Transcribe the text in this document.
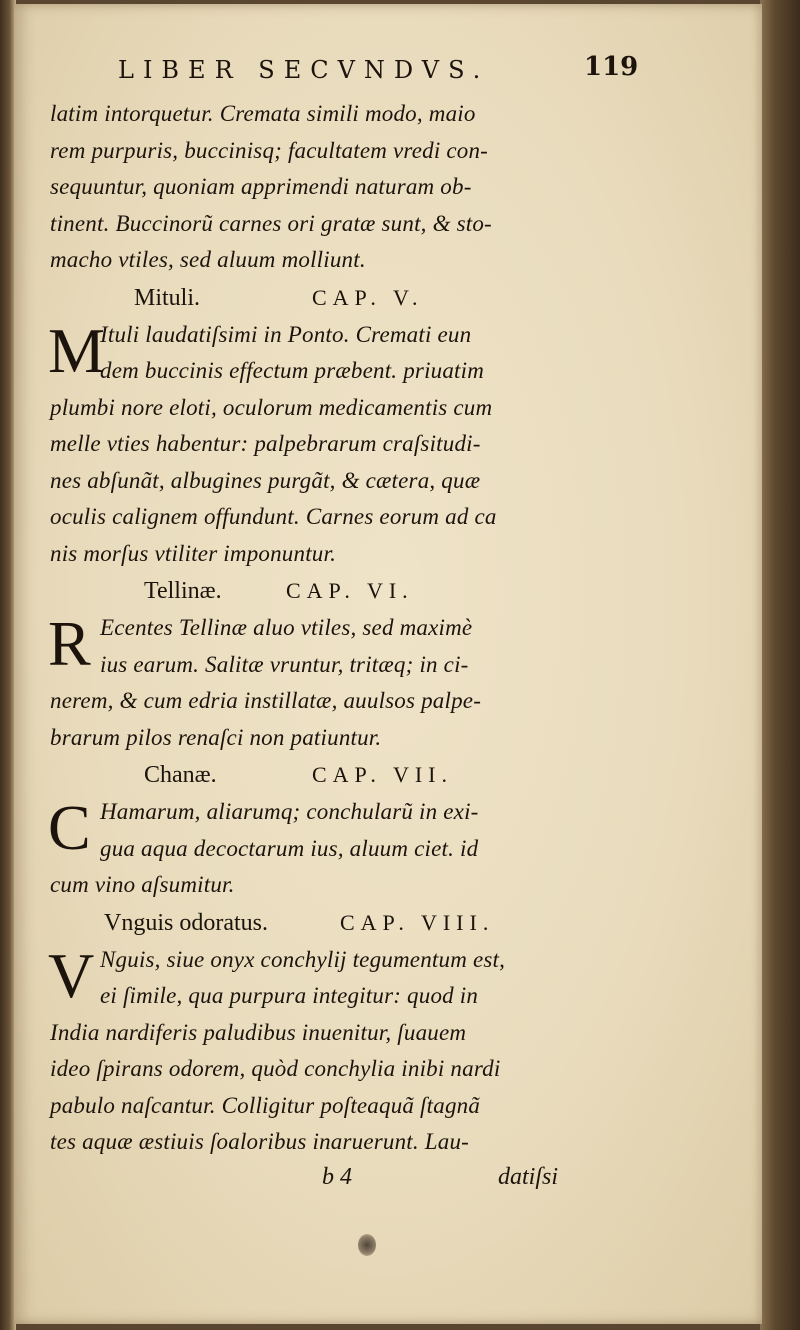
LIBER SECVNDVS.	119
latim intorquetur. Cremata simili modo, maio
rem purpuris, buccinisq; facultatem vredi con-
sequuntur, quoniam apprimendi naturam ob-
tinent. Buccinorũ carnes ori gratæ sunt, & sto-
macho vtiles, sed aluum molliunt.
Mituli.	CAP. V.
M
Ituli laudatiſsimi in Ponto. Cremati eun
dem buccinis effectum præbent. priuatim
plumbi nore eloti, oculorum medicamentis cum
melle vties habentur: palpebrarum craſsitudi-
nes abſunãt, albugines purgãt, & cætera, quæ
oculis calignem offundunt. Carnes eorum ad ca
nis morſus vtiliter imponuntur.
Tellinæ.	CAP. VI.
R Ecentes Tellinæ aluo vtiles, sed maximè
ius earum. Salitæ vruntur, tritæq; in ci-
nerem, & cum edria instillatæ, auulsos palpe-
brarum pilos renaſci non patiuntur.
Chanæ.	CAP. VII.
C Hamarum, aliarumq; conchularũ in exi-
gua aqua decoctarum ius, aluum ciet. id
cum vino aſsumitur.
Vnguis odoratus.	CAP. VIII.
V Nguis, siue onyx conchylij tegumentum est,
ei ſimile, qua purpura integitur: quod in
India nardiferis paludibus inuenitur, ſuauem
ideo ſpirans odorem, quòd conchylia inibi nardi
pabulo naſcantur. Colligitur poſteaquã ſtagnã
tes aquæ æstiuis ſoaloribus inaruerunt. Lau-
b 4	datiſsi
